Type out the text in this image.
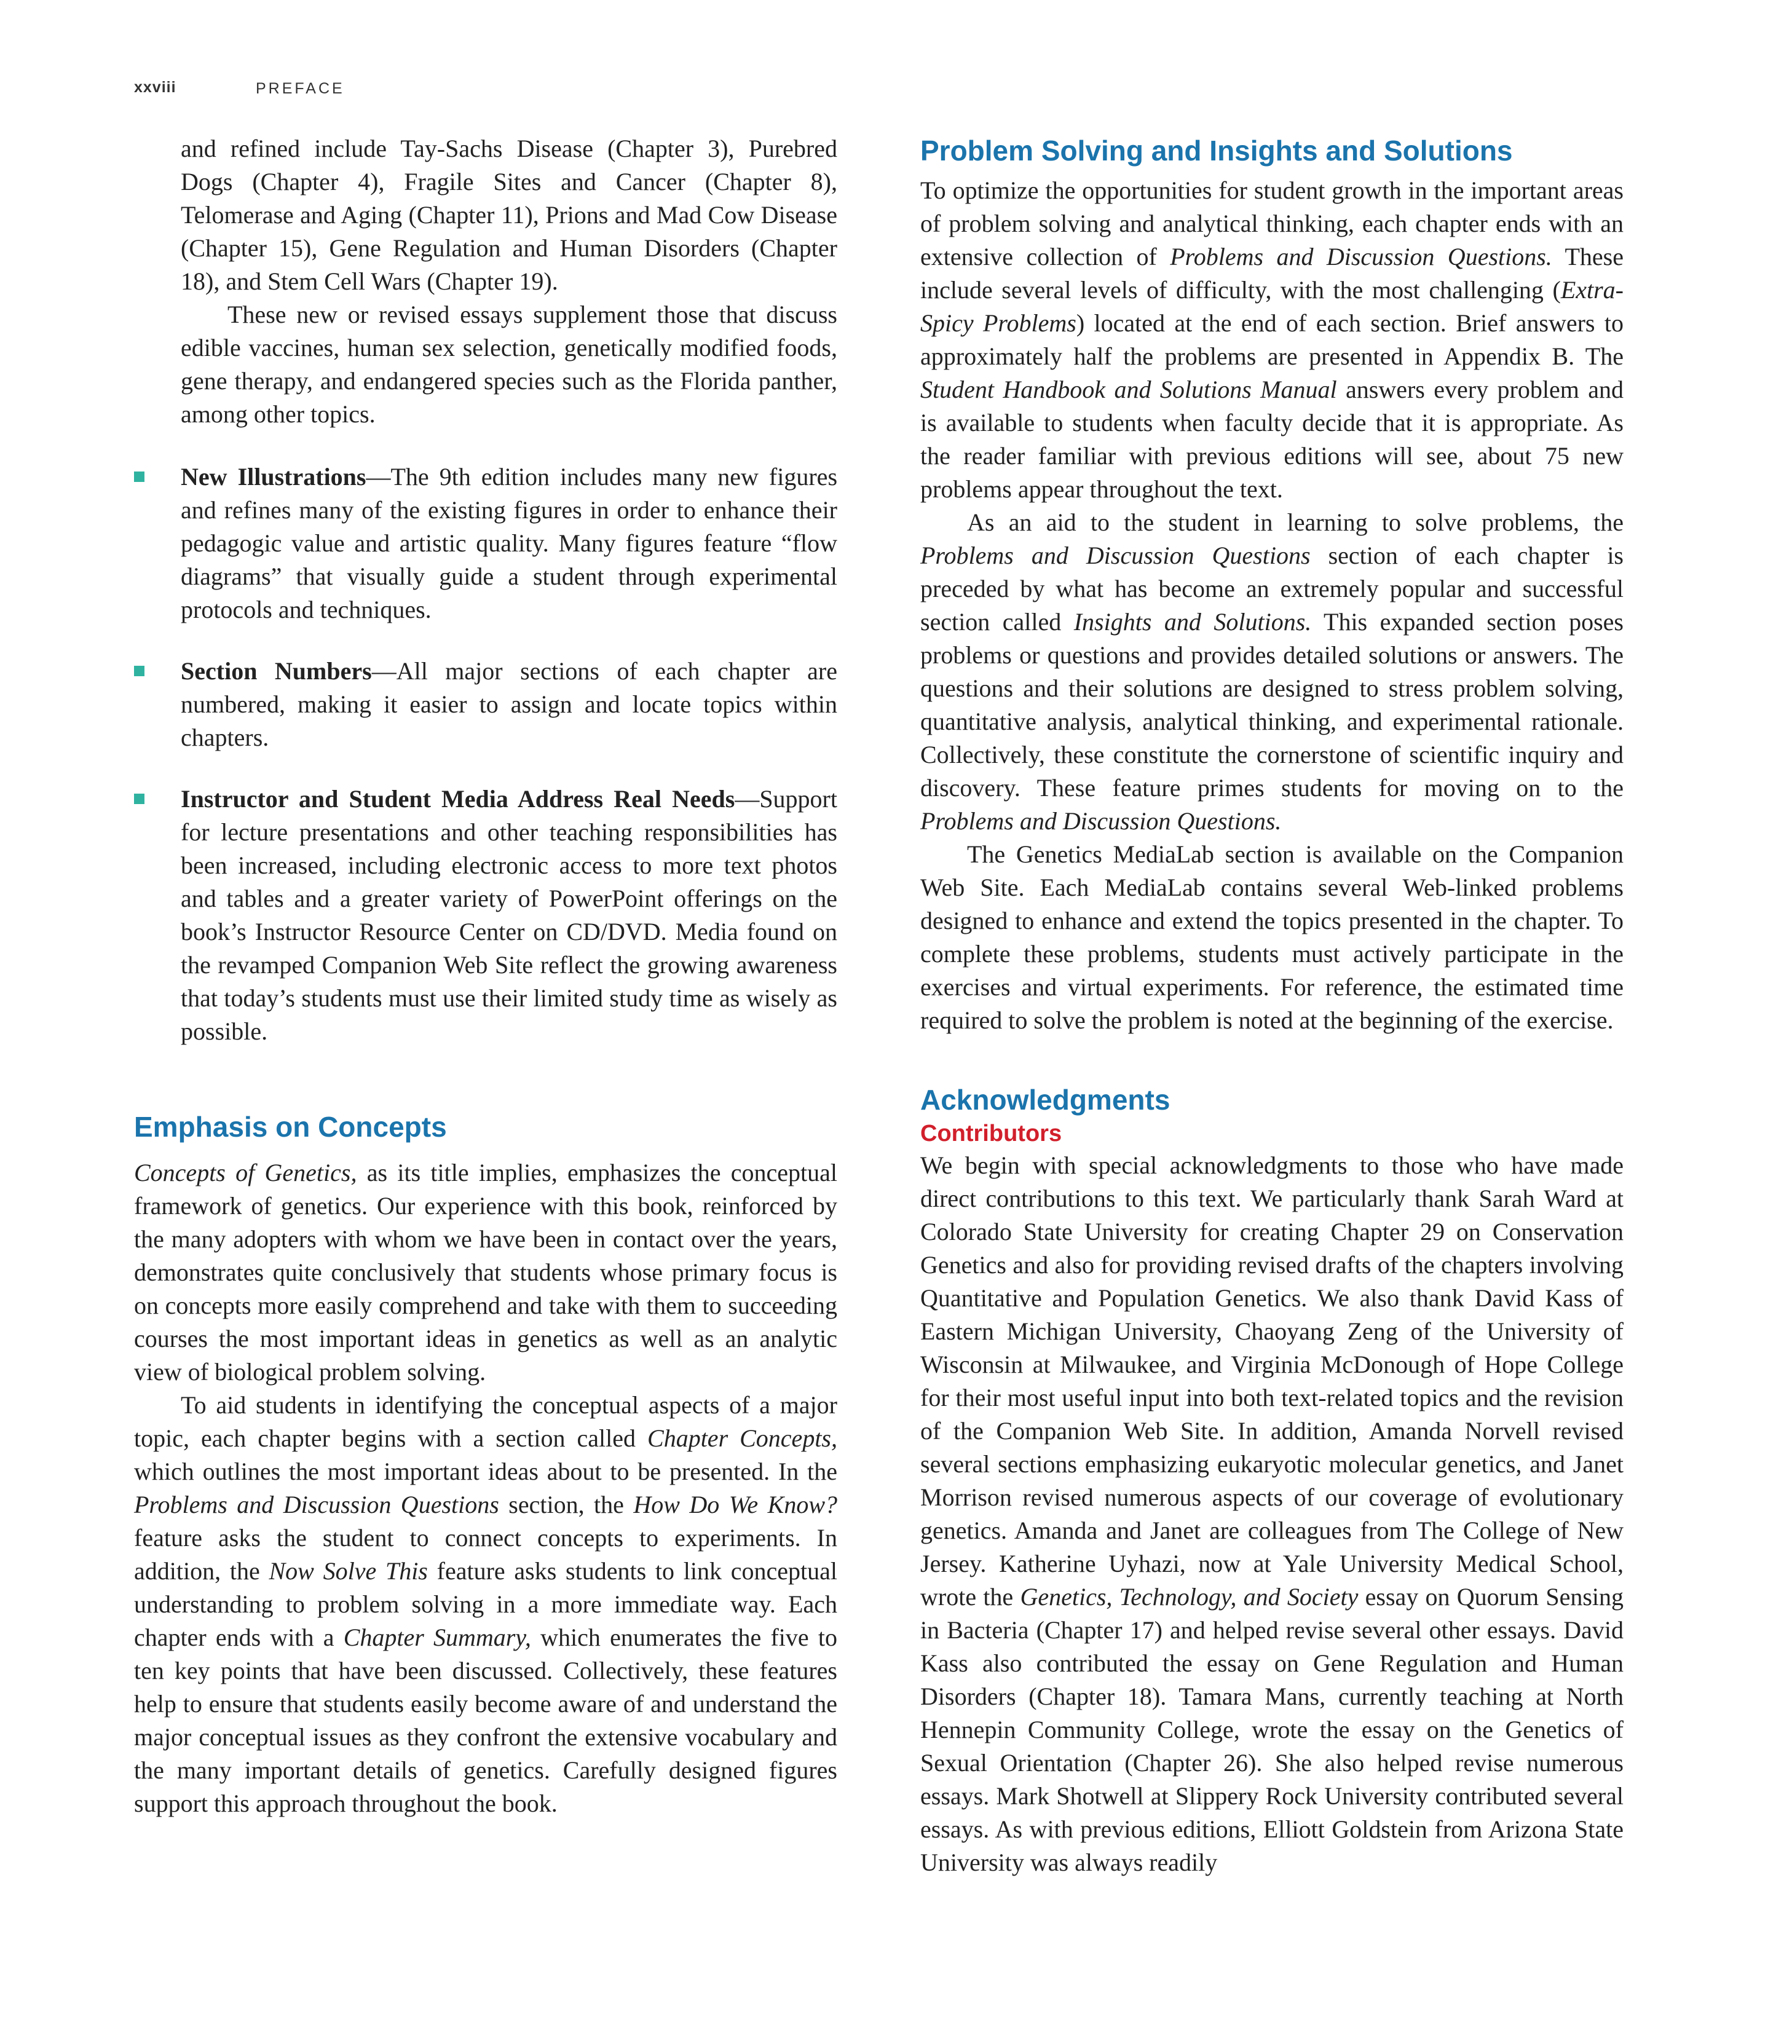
xxviii	PREFACE

and refined include Tay-Sachs Disease (Chapter 3), Purebred Dogs (Chapter 4), Fragile Sites and Cancer (Chapter 8), Telomerase and Aging (Chapter 11), Prions and Mad Cow Disease (Chapter 15), Gene Regulation and Human Disorders (Chapter 18), and Stem Cell Wars (Chapter 19).

These new or revised essays supplement those that discuss edible vaccines, human sex selection, genetically modified foods, gene therapy, and endangered species such as the Florida panther, among other topics.

New Illustrations—The 9th edition includes many new figures and refines many of the existing figures in order to enhance their pedagogic value and artistic quality. Many figures feature “flow diagrams” that visually guide a student through experimental protocols and techniques.
Section Numbers—All major sections of each chapter are numbered, making it easier to assign and locate topics within chapters.
Instructor and Student Media Address Real Needs—Support for lecture presentations and other teaching responsibilities has been increased, including electronic access to more text photos and tables and a greater variety of PowerPoint offerings on the book’s Instructor Resource Center on CD/DVD. Media found on the revamped Companion Web Site reflect the growing awareness that today’s students must use their limited study time as wisely as possible.
Emphasis on Concepts

Concepts of Genetics, as its title implies, emphasizes the conceptual framework of genetics. Our experience with this book, reinforced by the many adopters with whom we have been in contact over the years, demonstrates quite conclusively that students whose primary focus is on concepts more easily comprehend and take with them to succeeding courses the most important ideas in genetics as well as an analytic view of biological problem solving.

To aid students in identifying the conceptual aspects of a major topic, each chapter begins with a section called Chapter Concepts, which outlines the most important ideas about to be presented. In the Problems and Discussion Questions section, the How Do We Know? feature asks the student to connect concepts to experiments. In addition, the Now Solve This feature asks students to link conceptual understanding to problem solving in a more immediate way. Each chapter ends with a Chapter Summary, which enumerates the five to ten key points that have been discussed. Collectively, these features help to ensure that students easily become aware of and understand the major conceptual issues as they confront the extensive vocabulary and the many important details of genetics. Carefully designed figures support this approach throughout the book.

Problem Solving and Insights and Solutions

To optimize the opportunities for student growth in the important areas of problem solving and analytical thinking, each chapter ends with an extensive collection of Problems and Discussion Questions. These include several levels of difficulty, with the most challenging (Extra-Spicy Problems) located at the end of each section. Brief answers to approximately half the problems are presented in Appendix B. The Student Handbook and Solutions Manual answers every problem and is available to students when faculty decide that it is appropriate. As the reader familiar with previous editions will see, about 75 new problems appear throughout the text.

As an aid to the student in learning to solve problems, the Problems and Discussion Questions section of each chapter is preceded by what has become an extremely popular and successful section called Insights and Solutions. This expanded section poses problems or questions and provides detailed solutions or answers. The questions and their solutions are designed to stress problem solving, quantitative analysis, analytical thinking, and experimental rationale. Collectively, these constitute the cornerstone of scientific inquiry and discovery. These feature primes students for moving on to the Problems and Discussion Questions.

The Genetics MediaLab section is available on the Companion Web Site. Each MediaLab contains several Web-linked problems designed to enhance and extend the topics presented in the chapter. To complete these problems, students must actively participate in the exercises and virtual experiments. For reference, the estimated time required to solve the problem is noted at the beginning of the exercise.

Acknowledgments
Contributors

We begin with special acknowledgments to those who have made direct contributions to this text. We particularly thank Sarah Ward at Colorado State University for creating Chapter 29 on Conservation Genetics and also for providing revised drafts of the chapters involving Quantitative and Population Genetics. We also thank David Kass of Eastern Michigan University, Chaoyang Zeng of the University of Wisconsin at Milwaukee, and Virginia McDonough of Hope College for their most useful input into both text-related topics and the revision of the Companion Web Site. In addition, Amanda Norvell revised several sections emphasizing eukaryotic molecular genetics, and Janet Morrison revised numerous aspects of our coverage of evolutionary genetics. Amanda and Janet are colleagues from The College of New Jersey. Katherine Uyhazi, now at Yale University Medical School, wrote the Genetics, Technology, and Society essay on Quorum Sensing in Bacteria (Chapter 17) and helped revise several other essays. David Kass also contributed the essay on Gene Regulation and Human Disorders (Chapter 18). Tamara Mans, currently teaching at North Hennepin Community College, wrote the essay on the Genetics of Sexual Orientation (Chapter 26). She also helped revise numerous essays. Mark Shotwell at Slippery Rock University contributed several essays. As with previous editions, Elliott Goldstein from Arizona State University was always readily
